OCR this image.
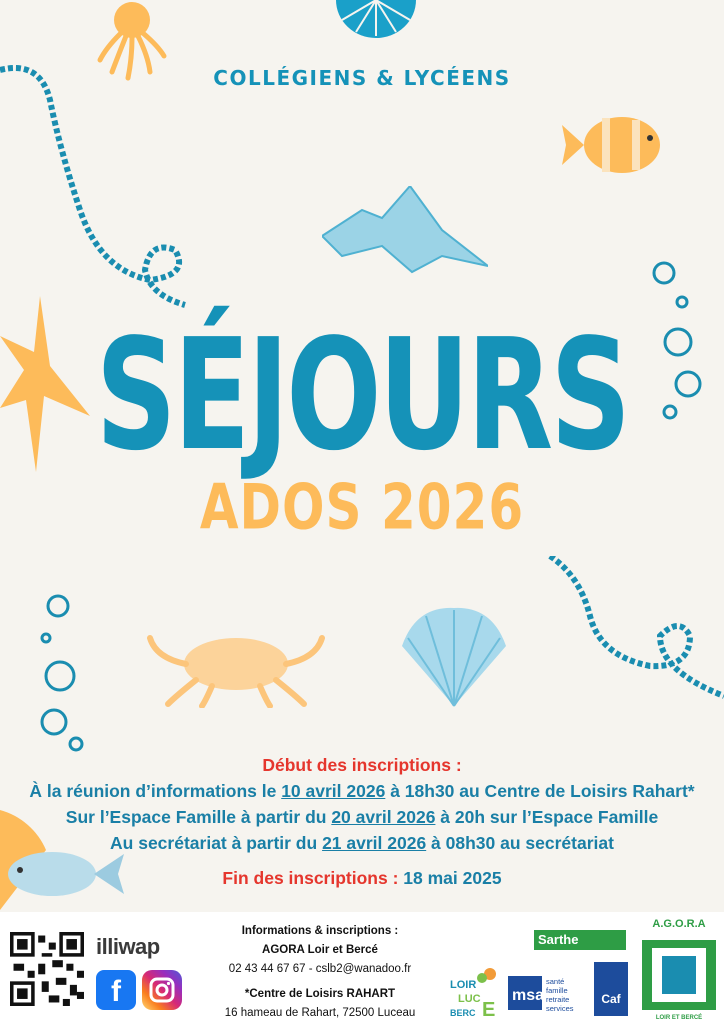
COLLÉGIENS & LYCÉENS
SÉJOURS
ADOS 2026
Début des inscriptions :
À la réunion d’informations le 10 avril 2026 à 18h30 au Centre de Loisirs Rahart*
Sur l’Espace Famille à partir du 20 avril 2026 à 20h sur l’Espace Famille
Au secrétariat à partir du 21 avril 2026 à 08h30 au secrétariat
Fin des inscriptions : 18 mai 2025
illiwap
f
Informations & inscriptions :
AGORA Loir et Bercé
02 43 44 67 67 - cslb2@wanadoo.fr
*Centre de Loisirs RAHART
16 hameau de Rahart, 72500 Luceau
Sarthe
LOIR
LUC
BERC E
msa
santé
famille
retraite
services
Caf
A.G.O.R.A
LOIR ET BERCÉ
